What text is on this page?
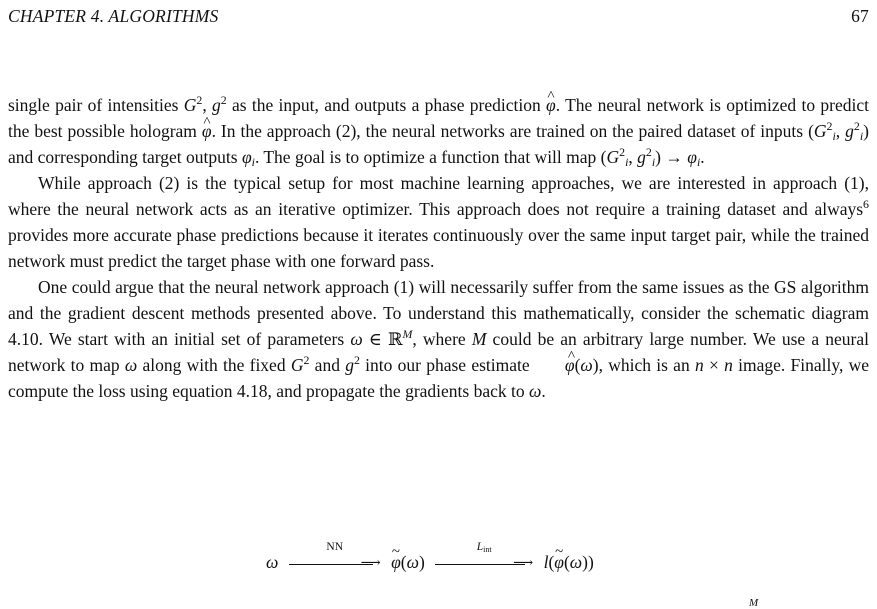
CHAPTER 4. ALGORITHMS	67

single pair of intensities $G^2$, $g^2$ as the input, and outputs a phase prediction φ ^. The neural network is optimized to predict the best possible hologram φ ^. In the approach (2), the neural networks are trained on the paired dataset of inputs ($G^2_i$, $g^2_i$) and corresponding target outputs $\varphi_i$. The goal is to optimize a function that will map ($G^2_i$, $g^2_i) \to \varphi_i$.

While approach (2) is the typical setup for most machine learning approaches, we are interested in approach (1), where the neural network acts as an iterative optimizer. This approach does not require a training dataset and always$^6$ provides more accurate phase predictions because it iterates continuously over the same input target pair, while the trained network must predict the target phase with one forward pass.

One could argue that the neural network approach (1) will necessarily suffer from the same issues as the GS algorithm and the gradient descent methods presented above. To understand this mathematically, consider the schematic diagram 4.10. We start with an initial set of parameters ω ∈ ℝ$^M$, where M could be an arbitrary large number. We use a neural network to map ω along with the fixed $G^2$ and $g^2$ into our phase estimate φ ^(ω), which is an n × n image. Finally, we compute the loss using equation 4.18, and propagate the gradients back to ω.

ω
NN
⟶ φ ~(ω)
$L_{int}$
⟶ l(φ ~(ω))
M
